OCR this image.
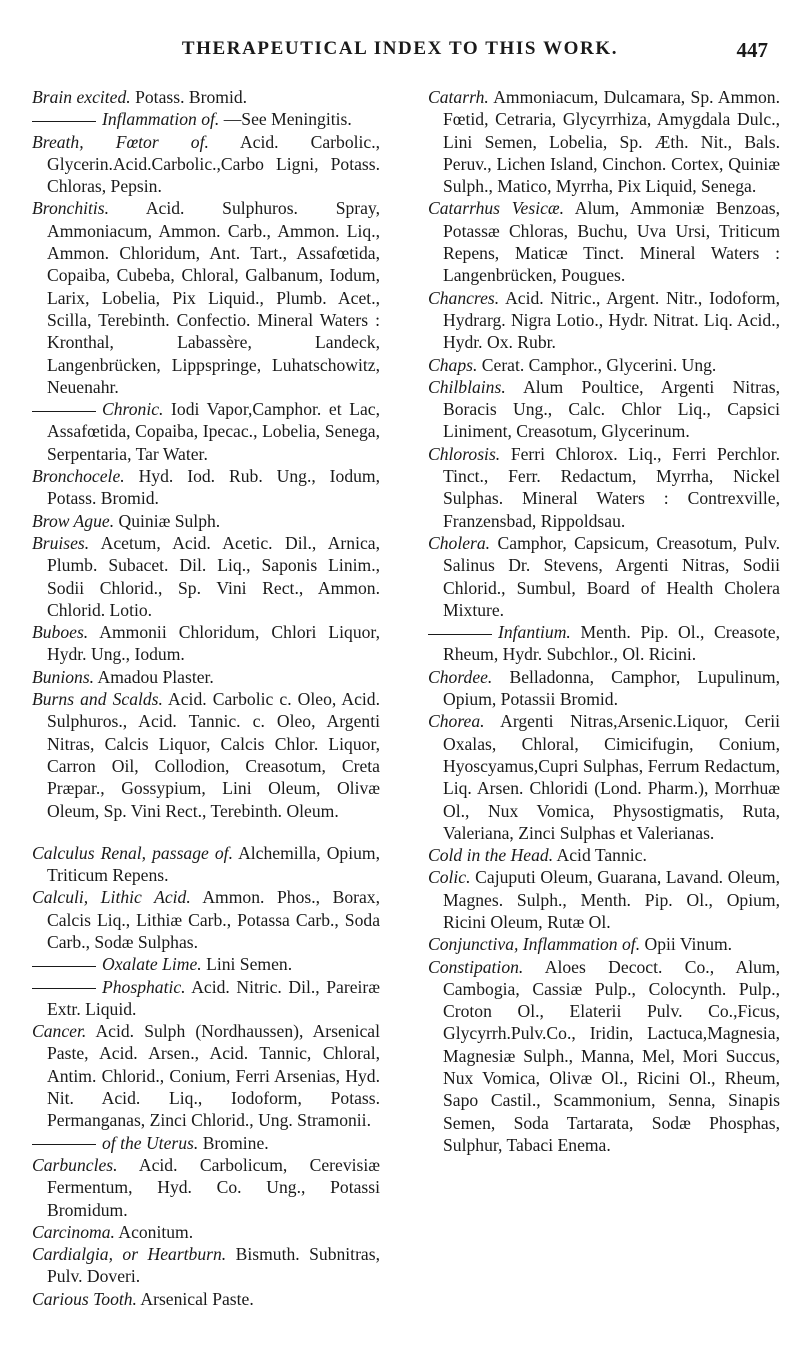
THERAPEUTICAL INDEX TO THIS WORK.	447

Brain excited. Potass. Bromid.

Inflammation of. —See Meningitis.

Breath, Fœtor of. Acid. Carbolic., Glycerin.Acid.Carbolic.,Carbo Ligni, Potass. Chloras, Pepsin.

Bronchitis. Acid. Sulphuros. Spray, Ammoniacum, Ammon. Carb., Ammon. Liq., Ammon. Chloridum, Ant. Tart., Assafœtida, Copaiba, Cubeba, Chloral, Galbanum, Iodum, Larix, Lobelia, Pix Liquid., Plumb. Acet., Scilla, Terebinth. Confectio. Mineral Waters : Kronthal, Labassère, Landeck, Langenbrücken, Lippspringe, Luhatschowitz, Neuenahr.

Chronic. Iodi Vapor,Camphor. et Lac, Assafœtida, Copaiba, Ipecac., Lobelia, Senega, Serpentaria, Tar Water.

Bronchocele. Hyd. Iod. Rub. Ung., Iodum, Potass. Bromid.

Brow Ague. Quiniæ Sulph.

Bruises. Acetum, Acid. Acetic. Dil., Arnica, Plumb. Subacet. Dil. Liq., Saponis Linim., Sodii Chlorid., Sp. Vini Rect., Ammon. Chlorid. Lotio.

Buboes. Ammonii Chloridum, Chlori Liquor, Hydr. Ung., Iodum.

Bunions. Amadou Plaster.

Burns and Scalds. Acid. Carbolic c. Oleo, Acid. Sulphuros., Acid. Tannic. c. Oleo, Argenti Nitras, Calcis Liquor, Calcis Chlor. Liquor, Carron Oil, Collodion, Creasotum, Creta Præpar., Gossypium, Lini Oleum, Olivæ Oleum, Sp. Vini Rect., Terebinth. Oleum.

Calculus Renal, passage of. Alchemilla, Opium, Triticum Repens.

Calculi, Lithic Acid. Ammon. Phos., Borax, Calcis Liq., Lithiæ Carb., Potassa Carb., Soda Carb., Sodæ Sulphas.

Oxalate Lime. Lini Semen.

Phosphatic. Acid. Nitric. Dil., Pareiræ Extr. Liquid.

Cancer. Acid. Sulph (Nordhaussen), Arsenical Paste, Acid. Arsen., Acid. Tannic, Chloral, Antim. Chlorid., Conium, Ferri Arsenias, Hyd. Nit. Acid. Liq., Iodoform, Potass. Permanganas, Zinci Chlorid., Ung. Stramonii.

of the Uterus. Bromine.

Carbuncles. Acid. Carbolicum, Cerevisiæ Fermentum, Hyd. Co. Ung., Potassi Bromidum.

Carcinoma. Aconitum.

Cardialgia, or Heartburn. Bismuth. Subnitras, Pulv. Doveri.

Carious Tooth. Arsenical Paste.

Catarrh. Ammoniacum, Dulcamara, Sp. Ammon. Fœtid, Cetraria, Glycyrrhiza, Amygdala Dulc., Lini Semen, Lobelia, Sp. Æth. Nit., Bals. Peruv., Lichen Island, Cinchon. Cortex, Quiniæ Sulph., Matico, Myrrha, Pix Liquid, Senega.

Catarrhus Vesicæ. Alum, Ammoniæ Benzoas, Potassæ Chloras, Buchu, Uva Ursi, Triticum Repens, Maticæ Tinct. Mineral Waters : Langenbrücken, Pougues.

Chancres. Acid. Nitric., Argent. Nitr., Iodoform, Hydrarg. Nigra Lotio., Hydr. Nitrat. Liq. Acid., Hydr. Ox. Rubr.

Chaps. Cerat. Camphor., Glycerini. Ung.

Chilblains. Alum Poultice, Argenti Nitras, Boracis Ung., Calc. Chlor Liq., Capsici Liniment, Creasotum, Glycerinum.

Chlorosis. Ferri Chlorox. Liq., Ferri Perchlor. Tinct., Ferr. Redactum, Myrrha, Nickel Sulphas. Mineral Waters : Contrexville, Franzensbad, Rippoldsau.

Cholera. Camphor, Capsicum, Creasotum, Pulv. Salinus Dr. Stevens, Argenti Nitras, Sodii Chlorid., Sumbul, Board of Health Cholera Mixture.

Infantium. Menth. Pip. Ol., Creasote, Rheum, Hydr. Subchlor., Ol. Ricini.

Chordee. Belladonna, Camphor, Lupulinum, Opium, Potassii Bromid.

Chorea. Argenti Nitras,Arsenic.Liquor, Cerii Oxalas, Chloral, Cimicifugin, Conium, Hyoscyamus,Cupri Sulphas, Ferrum Redactum, Liq. Arsen. Chloridi (Lond. Pharm.), Morrhuæ Ol., Nux Vomica, Physostigmatis, Ruta, Valeriana, Zinci Sulphas et Valerianas.

Cold in the Head. Acid Tannic.

Colic. Cajuputi Oleum, Guarana, Lavand. Oleum, Magnes. Sulph., Menth. Pip. Ol., Opium, Ricini Oleum, Rutæ Ol.

Conjunctiva, Inflammation of. Opii Vinum.

Constipation. Aloes Decoct. Co., Alum, Cambogia, Cassiæ Pulp., Colocynth. Pulp., Croton Ol., Elaterii Pulv. Co.,Ficus, Glycyrrh.Pulv.Co., Iridin, Lactuca,Magnesia, Magnesiæ Sulph., Manna, Mel, Mori Succus, Nux Vomica, Olivæ Ol., Ricini Ol., Rheum, Sapo Castil., Scammonium, Senna, Sinapis Semen, Soda Tartarata, Sodæ Phosphas, Sulphur, Tabaci Enema.
